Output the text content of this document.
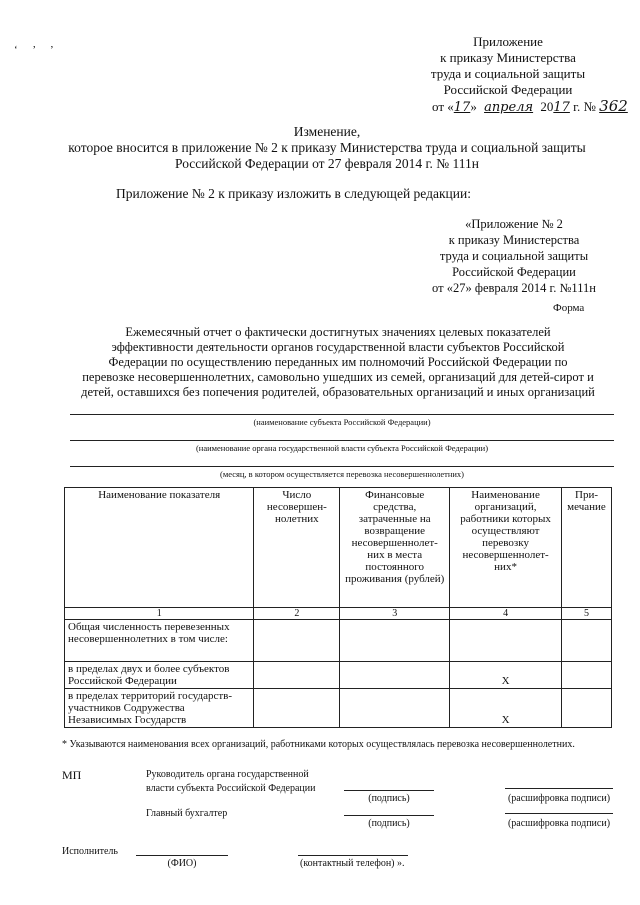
‘ ’ ’
Приложение
к приказу Министерства
труда и социальной защиты
Российской Федерации
от «17» апреля 2017 г. № 362
Изменение,
которое вносится в приложение № 2 к приказу Министерства труда и социальной защиты
Российской Федерации от 27 февраля 2014 г. № 111н
Приложение № 2 к приказу изложить в следующей редакции:
«Приложение № 2
к приказу Министерства
труда и социальной защиты
Российской Федерации
от «27» февраля 2014 г. №111н
Форма
Ежемесячный отчет о фактически достигнутых значениях целевых показателей
эффективности деятельности органов государственной власти субъектов Российской
Федерации по осуществлению переданных им полномочий Российской Федерации по
перевозке несовершеннолетних, самовольно ушедших из семей, организаций для детей-сирот и
детей, оставшихся без попечения родителей, образовательных организаций и иных организаций
(наименование субъекта Российской Федерации)
(наименование органа государственной власти субъекта Российской Федерации)
(месяц, в котором осуществляется перевозка несовершеннолетних)
Наименование показателя	Число несовершен-нолетних	Финансовые средства, затраченные на возвращение несовершеннолет-них в места постоянного проживания (рублей)	Наименование организаций, работники которых осуществляют перевозку несовершеннолет-них*	При-мечание
1	2	3	4	5
Общая численность перевезенных несовершеннолетних в том числе:				
в пределах двух и более субъектов Российской Федерации			X	
в пределах территорий государств-участников Содружества Независимых Государств			X	
* Указываются наименования всех организаций, работниками которых осуществлялась перевозка несовершеннолетних.
МП	Руководитель органа государственной
власти субъекта Российской Федерации
(подпись)	(расшифровка подписи)
Главный бухгалтер
(подпись)	(расшифровка подписи)
Исполнитель
(ФИО)	(контактный телефон) ».
